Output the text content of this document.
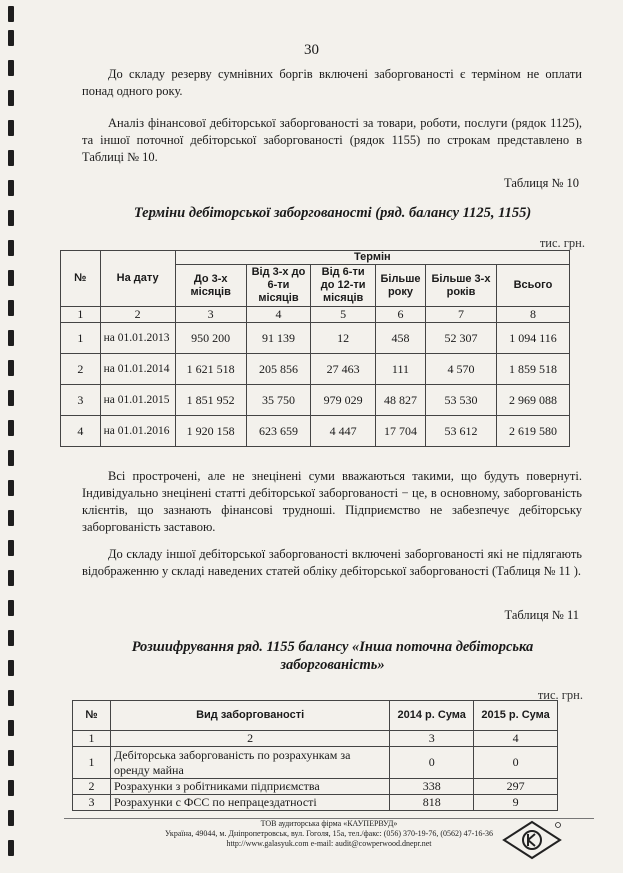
30

До складу резерву сумнівних боргів включені заборгованості є терміном не оплати понад одного року.

Аналіз фінансової дебіторської заборгованості за товари, роботи, послуги (рядок 1125), та іншої поточної дебіторської заборгованості (рядок 1155) по строкам представлено в Таблиці № 10.

Таблиця № 10
Терміни дебіторської заборгованості (ряд. балансу 1125, 1155)
тис. грн.
№	На дату	Термін					
		До 3-х місяців	Від 3-х до 6-ти місяців	Від 6-ти до 12-ти місяців	Більше року	Більше 3-х років	Всього
1	2	3	4	5	6	7	8
1	на 01.01.2013	950 200	91 139	12	458	52 307	1 094 116
2	на 01.01.2014	1 621 518	205 856	27 463	111	4 570	1 859 518
3	на 01.01.2015	1 851 952	35 750	979 029	48 827	53 530	2 969 088
4	на 01.01.2016	1 920 158	623 659	4 447	17 704	53 612	2 619 580

Всі прострочені, але не знецінені суми вважаються такими, що будуть повернуті. Індивідуально знецінені статті дебіторської заборгованості − це, в основному, заборгованість клієнтів, що зазнають фінансові трудноші. Підприємство не забезпечує дебіторську заборгованість заставою.

До складу іншої дебіторської заборгованості включені заборгованості які не підлягають відображенню у складі наведених статей обліку дебіторської заборгованості (Таблиця № 11 ).

Таблиця № 11
Розшифрування ряд. 1155 балансу «Інша поточна дебіторська
заборгованість»
тис. грн.
№	Вид заборгованості	2014 р. Сума	2015 р. Сума
1	2	3	4
1	Дебіторська заборгованість по розрахункам за оренду майна	0	0
2	Розрахунки з робітниками підприємства	338	297
3	Розрахунки с ФСС по непрацездатності	818	9
ТОВ аудиторська фірма «КАУПЕРВУД»
Україна, 49044, м. Дніпропетровськ, вул. Гоголя, 15а, тел./факс: (056) 370-19-76, (0562) 47-16-36
http://www.galasyuk.com e-mail: audit@cowperwood.dnepr.net
